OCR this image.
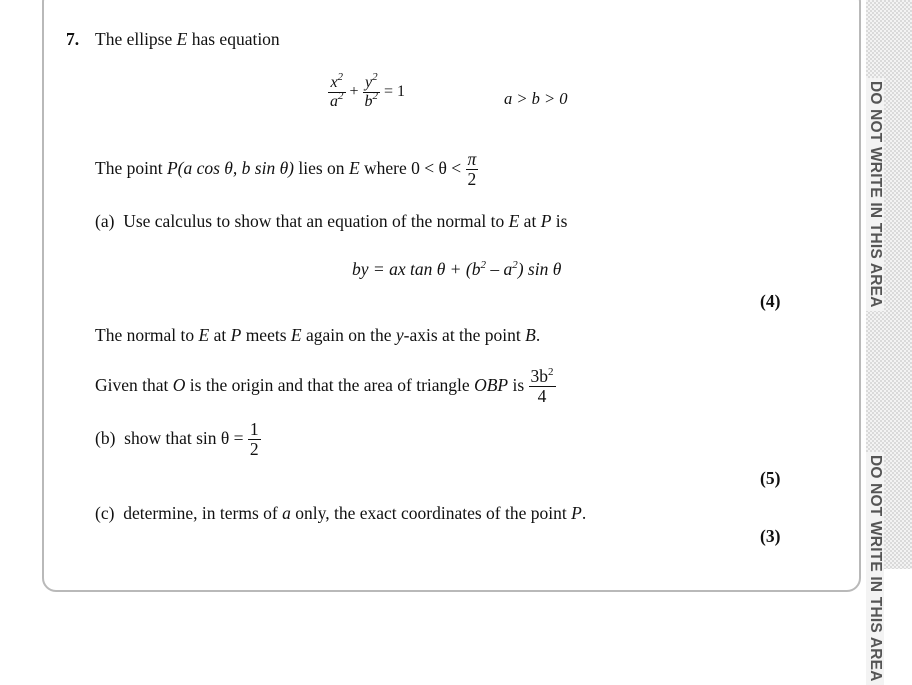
DO NOT WRITE IN THIS AREA
DO NOT WRITE IN THIS AREA
7. The ellipse E has equation
$\frac{x^2}{a^2} + \frac{y^2}{b^2} = 1$	a > b > 0
The point P(a cos θ, b sin θ) lies on E where $0 < \theta < \frac{\pi}{2}$
(a) Use calculus to show that an equation of the normal to E at P is
by = ax $\tan \theta + (b^2 - a^2)$ sin θ
(4)
The normal to E at P meets E again on the y-axis at the point B.
Given that O is the origin and that the area of triangle OBP is $\frac{3b^2}{4}$
(b) show that $\sin \theta = \frac{1}{2}$
(5)
(c) determine, in terms of a only, the exact coordinates of the point P.
(3)
